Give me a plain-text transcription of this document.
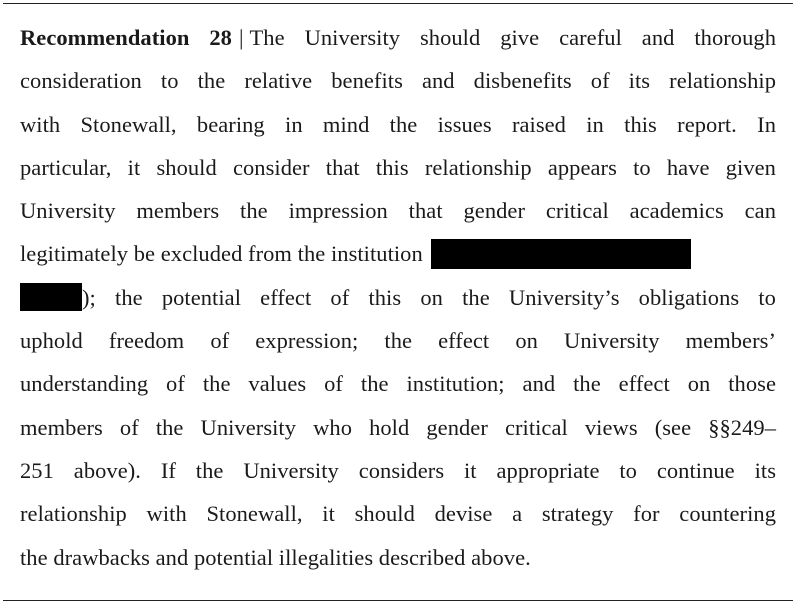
Recommendation 28 | The University should give careful and thorough
consideration to the relative benefits and disbenefits of its relationship
with Stonewall, bearing in mind the issues raised in this report. In
particular, it should consider that this relationship appears to have given
University members the impression that gender critical academics can
legitimately be excluded from the institution
); the potential effect of this on the University’s obligations to
uphold freedom of expression; the effect on University members’
understanding of the values of the institution; and the effect on those
members of the University who hold gender critical views (see §§249–
251 above). If the University considers it appropriate to continue its
relationship with Stonewall, it should devise a strategy for countering
the drawbacks and potential illegalities described above.
